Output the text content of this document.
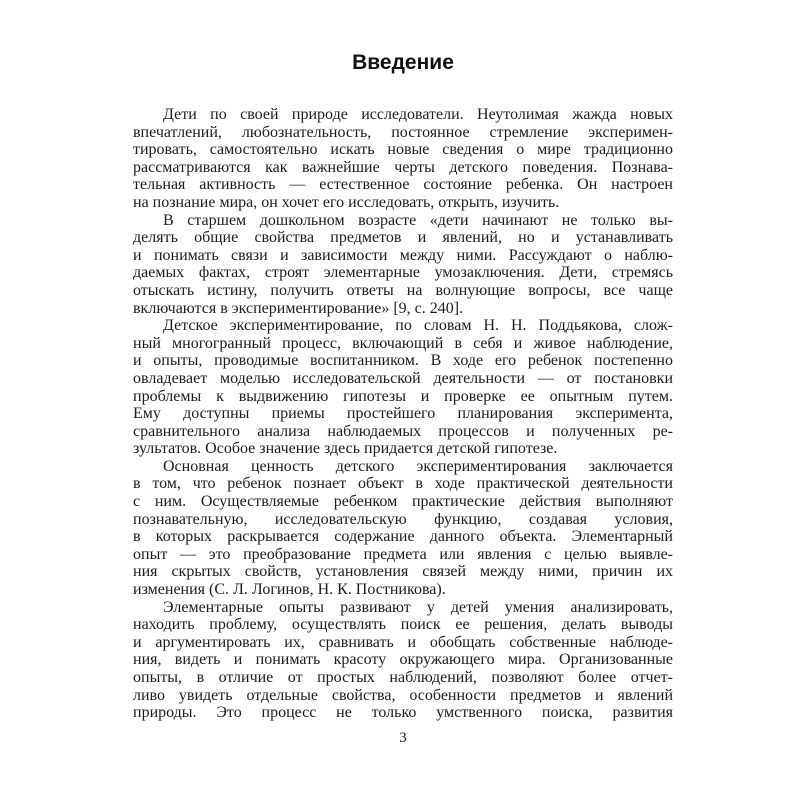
Введение
Дети по своей природе исследователи. Неутолимая жажда новых
впечатлений, любознательность, постоянное стремление эксперимен-
тировать, самостоятельно искать новые сведения о мире традиционно
рассматриваются как важнейшие черты детского поведения. Познава-
тельная активность — естественное состояние ребенка. Он настроен
на познание мира, он хочет его исследовать, открыть, изучить.
В старшем дошкольном возрасте «дети начинают не только вы-
делять общие свойства предметов и явлений, но и устанавливать
и понимать связи и зависимости между ними. Рассуждают о наблю-
даемых фактах, строят элементарные умозаключения. Дети, стремясь
отыскать истину, получить ответы на волнующие вопросы, все чаще
включаются в экспериментирование» [9, с. 240].
Детское экспериментирование, по словам Н. Н. Поддьякова, слож-
ный многогранный процесс, включающий в себя и живое наблюдение,
и опыты, проводимые воспитанником. В ходе его ребенок постепенно
овладевает моделью исследовательской деятельности — от постановки
проблемы к выдвижению гипотезы и проверке ее опытным путем.
Ему доступны приемы простейшего планирования эксперимента,
сравнительного анализа наблюдаемых процессов и полученных ре-
зультатов. Особое значение здесь придается детской гипотезе.
Основная ценность детского экспериментирования заключается
в том, что ребенок познает объект в ходе практической деятельности
с ним. Осуществляемые ребенком практические действия выполняют
познавательную, исследовательскую функцию, создавая условия,
в которых раскрывается содержание данного объекта. Элементарный
опыт — это преобразование предмета или явления с целью выявле-
ния скрытых свойств, установления связей между ними, причин их
изменения (С. Л. Логинов, Н. К. Постникова).
Элементарные опыты развивают у детей умения анализировать,
находить проблему, осуществлять поиск ее решения, делать выводы
и аргументировать их, сравнивать и обобщать собственные наблюде-
ния, видеть и понимать красоту окружающего мира. Организованные
опыты, в отличие от простых наблюдений, позволяют более отчет-
ливо увидеть отдельные свойства, особенности предметов и явлений
природы. Это процесс не только умственного поиска, развития
3
